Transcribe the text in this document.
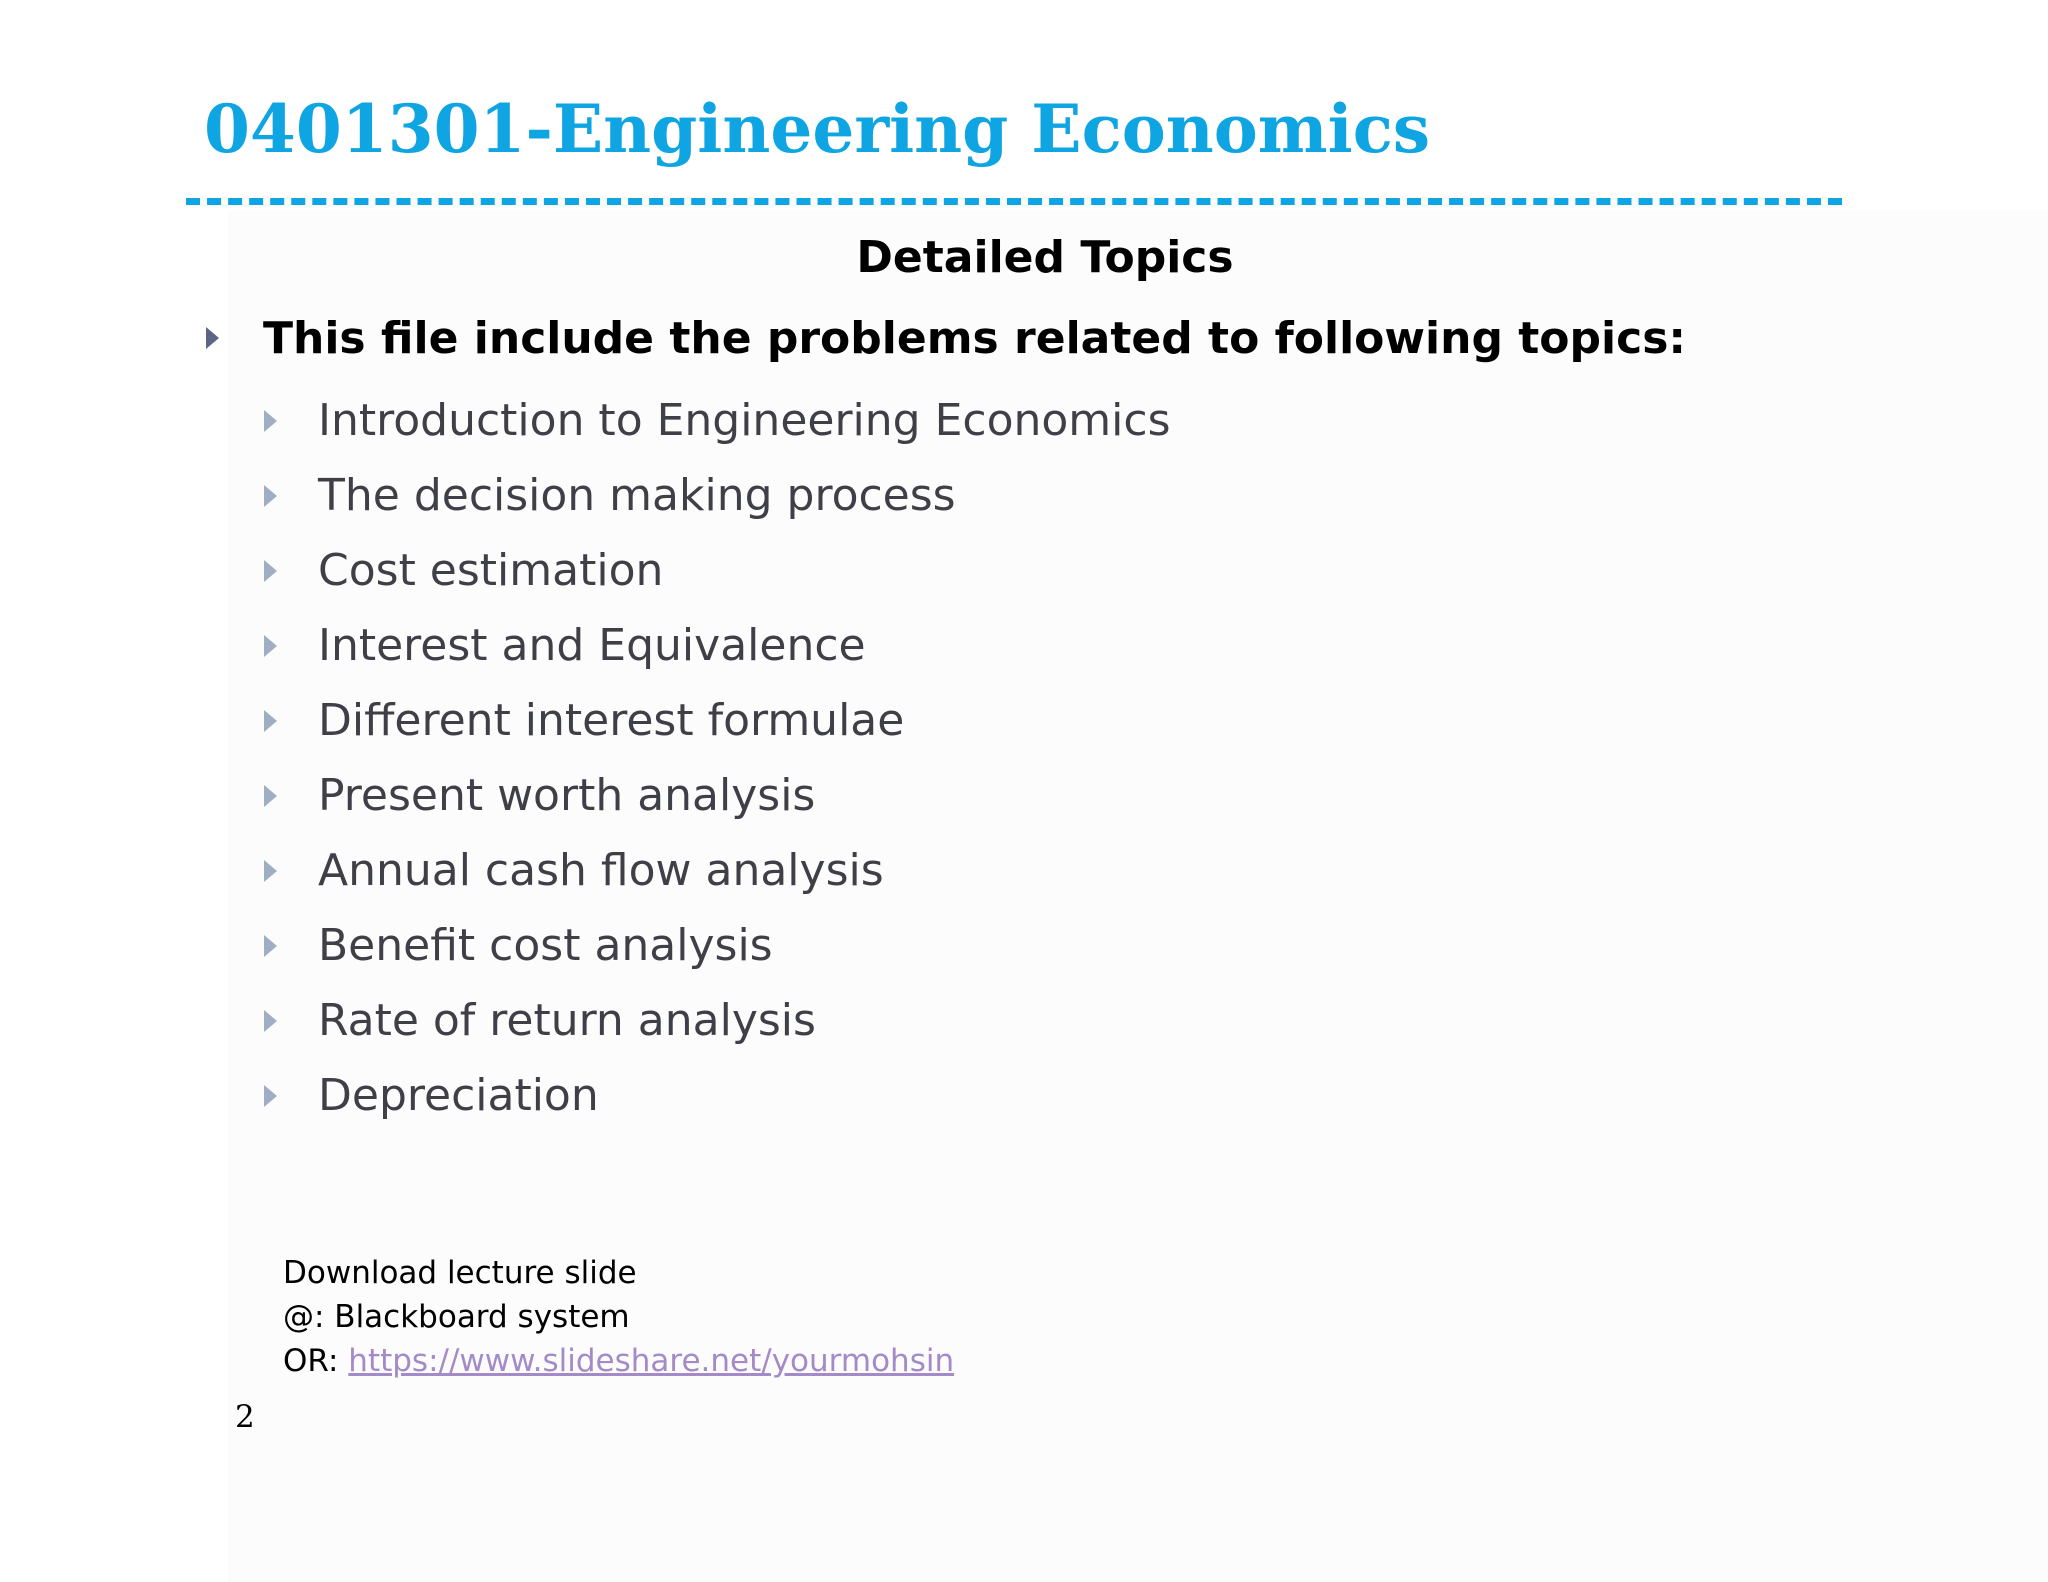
0401301-Engineering Economics
Detailed Topics
This file include the problems related to following topics:
Introduction to Engineering Economics
The decision making process
Cost estimation
Interest and Equivalence
Different interest formulae
Present worth analysis
Annual cash flow analysis
Benefit cost analysis
Rate of return analysis
Depreciation
Download lecture slide
@: Blackboard system
OR: https://www.slideshare.net/yourmohsin
2
